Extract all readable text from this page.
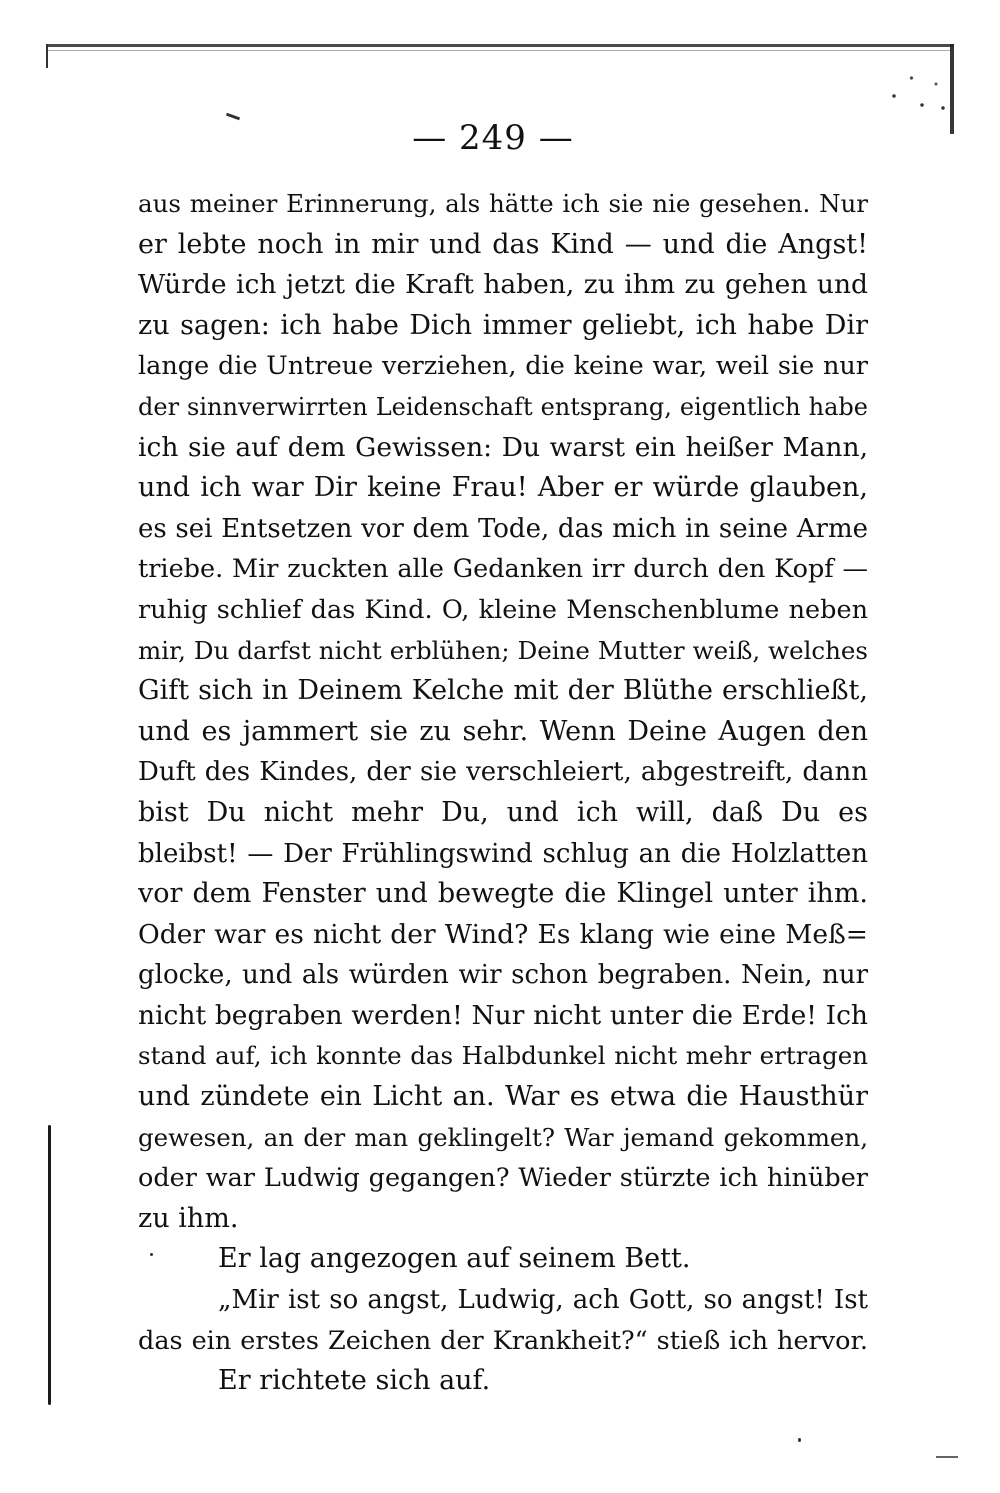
— 249 —
aus meiner Erinnerung, als hätte ich sie nie gesehen. Nur
er lebte noch in mir und das Kind — und die Angst!
Würde ich jetzt die Kraft haben, zu ihm zu gehen und
zu sagen: ich habe Dich immer geliebt, ich habe Dir
lange die Untreue verziehen, die keine war, weil sie nur
der sinnverwirrten Leidenschaft entsprang, eigentlich habe
ich sie auf dem Gewissen: Du warst ein heißer Mann,
und ich war Dir keine Frau! Aber er würde glauben,
es sei Entsetzen vor dem Tode, das mich in seine Arme
triebe. Mir zuckten alle Gedanken irr durch den Kopf —
ruhig schlief das Kind. O, kleine Menschenblume neben
mir, Du darfst nicht erblühen; Deine Mutter weiß, welches
Gift sich in Deinem Kelche mit der Blüthe erschließt,
und es jammert sie zu sehr. Wenn Deine Augen den
Duft des Kindes, der sie verschleiert, abgestreift, dann
bist Du nicht mehr Du, und ich will, daß Du es
bleibst! — Der Frühlingswind schlug an die Holzlatten
vor dem Fenster und bewegte die Klingel unter ihm.
Oder war es nicht der Wind? Es klang wie eine Meß=
glocke, und als würden wir schon begraben. Nein, nur
nicht begraben werden! Nur nicht unter die Erde! Ich
stand auf, ich konnte das Halbdunkel nicht mehr ertragen
und zündete ein Licht an. War es etwa die Hausthür
gewesen, an der man geklingelt? War jemand gekommen,
oder war Ludwig gegangen? Wieder stürzte ich hinüber
zu ihm.
Er lag angezogen auf seinem Bett.
„Mir ist so angst, Ludwig, ach Gott, so angst! Ist
das ein erstes Zeichen der Krankheit?“ stieß ich hervor.
Er richtete sich auf.
